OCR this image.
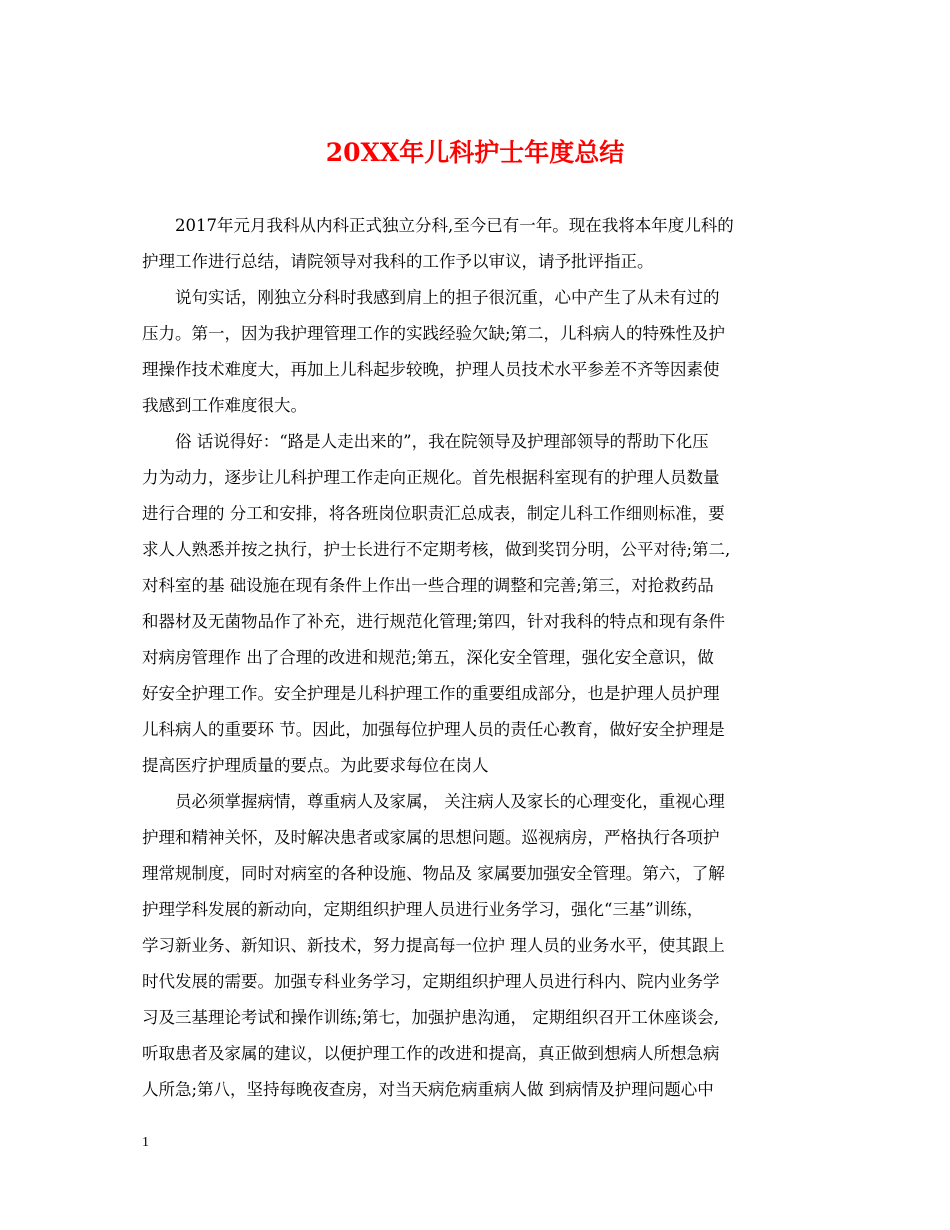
20XX年儿科护士年度总结
2017年元月我科从内科正式独立分科,至今已有一年。现在我将本年度儿科的
护理工作进行总结，请院领导对我科的工作予以审议，请予批评指正。
说句实话，刚独立分科时我感到肩上的担子很沉重，心中产生了从未有过的
压力。第一，因为我护理管理工作的实践经验欠缺;第二，儿科病人的特殊性及护
理操作技术难度大，再加上儿科起步较晚，护理人员技术水平参差不齐等因素使
我感到工作难度很大。
俗 话说得好：“路是人走出来的”，我在院领导及护理部领导的帮助下化压
力为动力，逐步让儿科护理工作走向正规化。首先根据科室现有的护理人员数量
进行合理的 分工和安排，将各班岗位职责汇总成表，制定儿科工作细则标准，要
求人人熟悉并按之执行，护士长进行不定期考核，做到奖罚分明，公平对待;第二,
对科室的基 础设施在现有条件上作出一些合理的调整和完善;第三，对抢救药品
和器材及无菌物品作了补充，进行规范化管理;第四，针对我科的特点和现有条件
对病房管理作 出了合理的改进和规范;第五，深化安全管理，强化安全意识，做
好安全护理工作。安全护理是儿科护理工作的重要组成部分，也是护理人员护理
儿科病人的重要环 节。因此，加强每位护理人员的责任心教育，做好安全护理是
提高医疗护理质量的要点。为此要求每位在岗人
员必须掌握病情，尊重病人及家属， 关注病人及家长的心理变化，重视心理
护理和精神关怀，及时解决患者或家属的思想问题。巡视病房，严格执行各项护
理常规制度，同时对病室的各种设施、物品及 家属要加强安全管理。第六，了解
护理学科发展的新动向，定期组织护理人员进行业务学习，强化“三基”训练，
学习新业务、新知识、新技术，努力提高每一位护 理人员的业务水平，使其跟上
时代发展的需要。加强专科业务学习，定期组织护理人员进行科内、院内业务学
习及三基理论考试和操作训练;第七，加强护患沟通， 定期组织召开工休座谈会,
听取患者及家属的建议，以便护理工作的改进和提高，真正做到想病人所想急病
人所急;第八，坚持每晚夜查房，对当天病危病重病人做 到病情及护理问题心中
1
